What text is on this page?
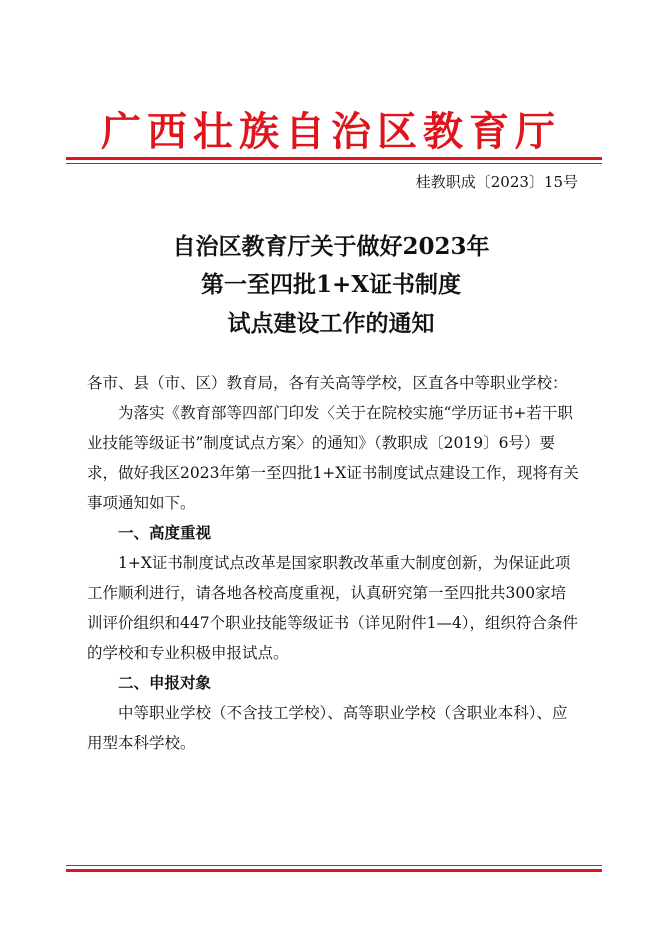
广西壮族自治区教育厅
桂教职成〔2023〕15号
自治区教育厅关于做好2023年
第一至四批1+X证书制度
试点建设工作的通知

各市、县（市、区）教育局，各有关高等学校，区直各中等职业学校：

为落实《教育部等四部门印发〈关于在院校实施“学历证书+若干职业技能等级证书”制度试点方案〉的通知》（教职成〔2019〕6号）要求，做好我区2023年第一至四批1+X证书制度试点建设工作，现将有关事项通知如下。

一、高度重视

1+X证书制度试点改革是国家职教改革重大制度创新，为保证此项工作顺利进行，请各地各校高度重视，认真研究第一至四批共300家培训评价组织和447个职业技能等级证书（详见附件1—4），组织符合条件的学校和专业积极申报试点。

二、申报对象

中等职业学校（不含技工学校）、高等职业学校（含职业本科）、应用型本科学校。
